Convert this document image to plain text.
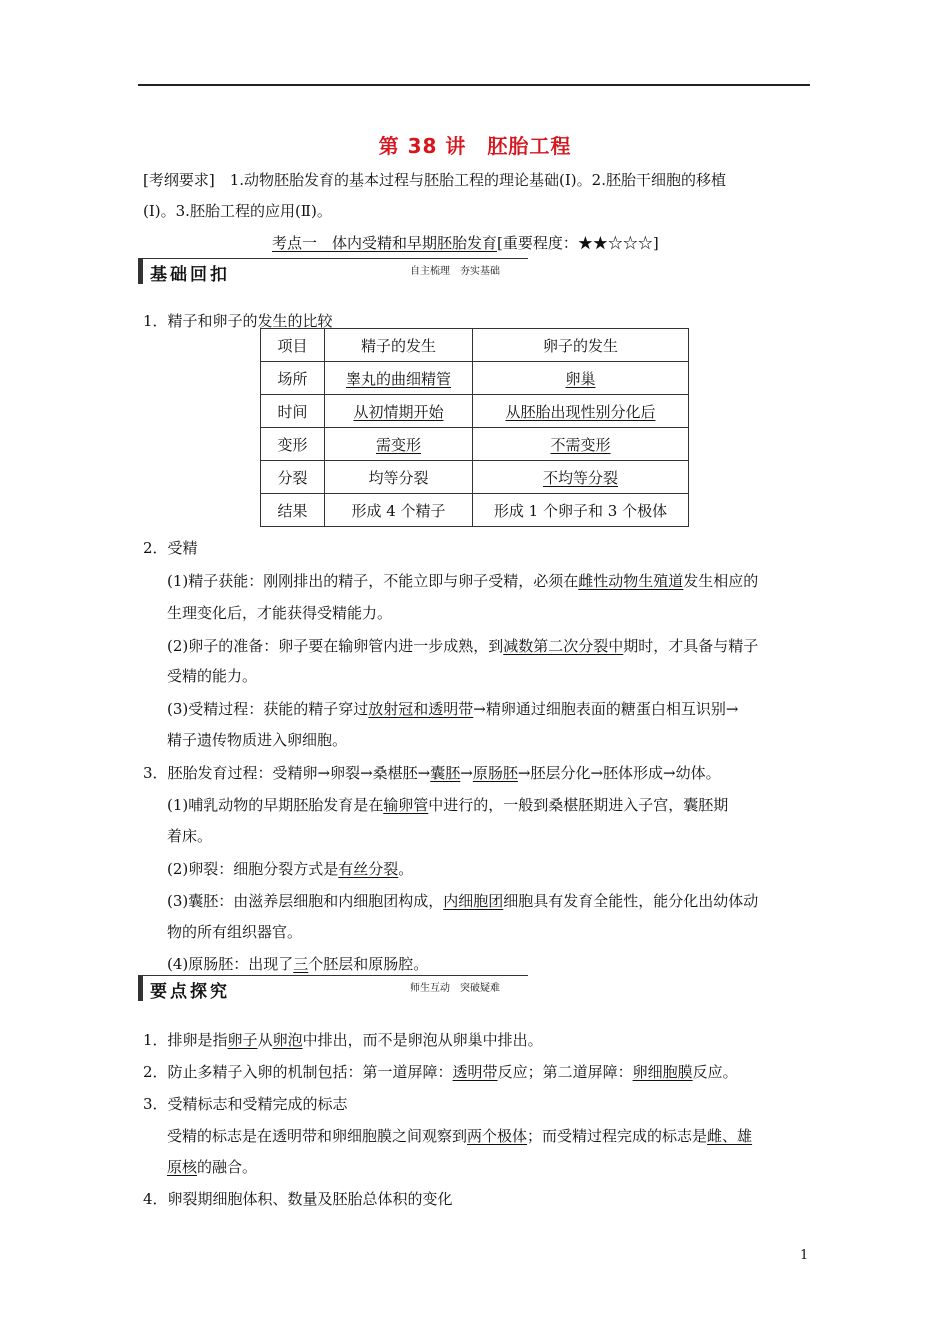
第 38 讲　胚胎工程
[考纲要求]　1.动物胚胎发育的基本过程与胚胎工程的理论基础(Ⅰ)。2.胚胎干细胞的移植
(Ⅰ)。3.胚胎工程的应用(Ⅱ)。
考点一　体内受精和早期胚胎发育[重要程度：★★☆☆☆]
基础回扣	自主梳理　夯实基础
1．精子和卵子的发生的比较
项目	精子的发生	卵子的发生
场所	睾丸的曲细精管	卵巢
时间	从初情期开始	从胚胎出现性别分化后
变形	需变形	不需变形
分裂	均等分裂	不均等分裂
结果	形成 4 个精子	形成 1 个卵子和 3 个极体
2．受精
(1)精子获能：刚刚排出的精子，不能立即与卵子受精，必须在雌性动物生殖道发生相应的
生理变化后，才能获得受精能力。
(2)卵子的准备：卵子要在输卵管内进一步成熟，到减数第二次分裂中期时，才具备与精子
受精的能力。
(3)受精过程：获能的精子穿过放射冠和透明带→精卵通过细胞表面的糖蛋白相互识别→
精子遗传物质进入卵细胞。
3．胚胎发育过程：受精卵→卵裂→桑椹胚→囊胚→原肠胚→胚层分化→胚体形成→幼体。
(1)哺乳动物的早期胚胎发育是在输卵管中进行的，一般到桑椹胚期进入子宫，囊胚期
着床。
(2)卵裂：细胞分裂方式是有丝分裂。
(3)囊胚：由滋养层细胞和内细胞团构成，内细胞团细胞具有发育全能性，能分化出幼体动
物的所有组织器官。
(4)原肠胚：出现了三个胚层和原肠腔。
要点探究	师生互动　突破疑难
1．排卵是指卵子从卵泡中排出，而不是卵泡从卵巢中排出。
2．防止多精子入卵的机制包括：第一道屏障：透明带反应；第二道屏障：卵细胞膜反应。
3．受精标志和受精完成的标志
受精的标志是在透明带和卵细胞膜之间观察到两个极体；而受精过程完成的标志是雌、雄
原核的融合。
4．卵裂期细胞体积、数量及胚胎总体积的变化
1
